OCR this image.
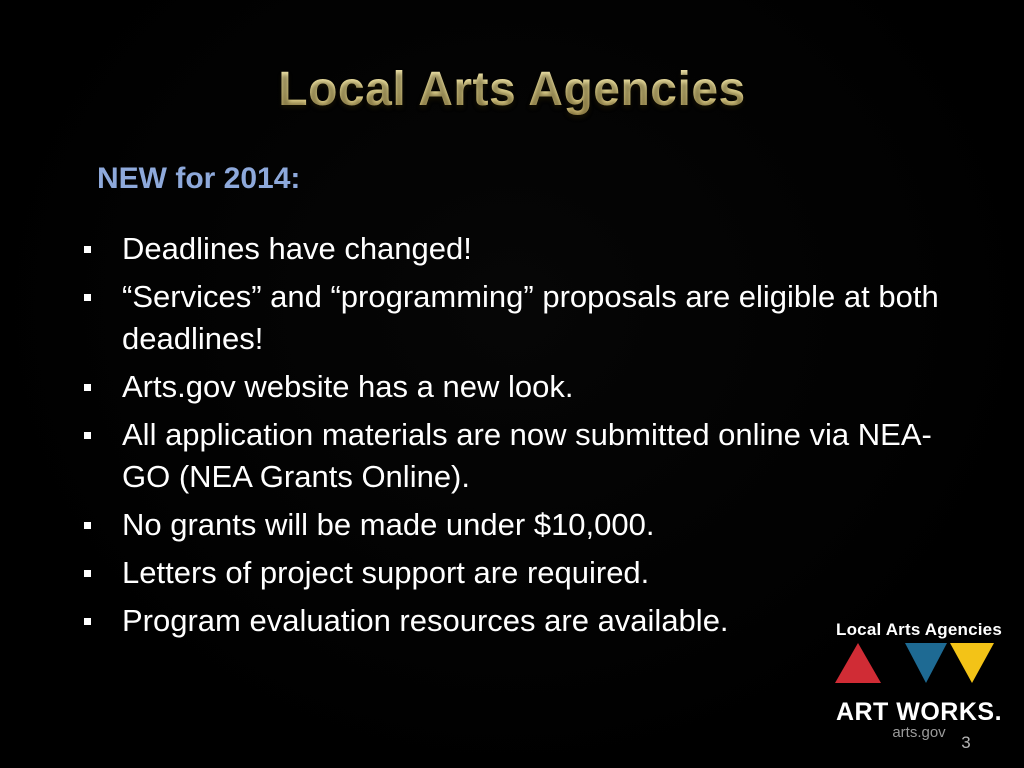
Local Arts Agencies
NEW for 2014:
Deadlines have changed!
“Services” and “programming” proposals are eligible at both deadlines!
Arts.gov website has a new look.
All application materials are now submitted online via NEA-GO (NEA Grants Online).
No grants will be made under $10,000.
Letters of project support are required.
Program evaluation resources are available.	Local Arts Agencies
ART WORKS.
arts.gov
3
